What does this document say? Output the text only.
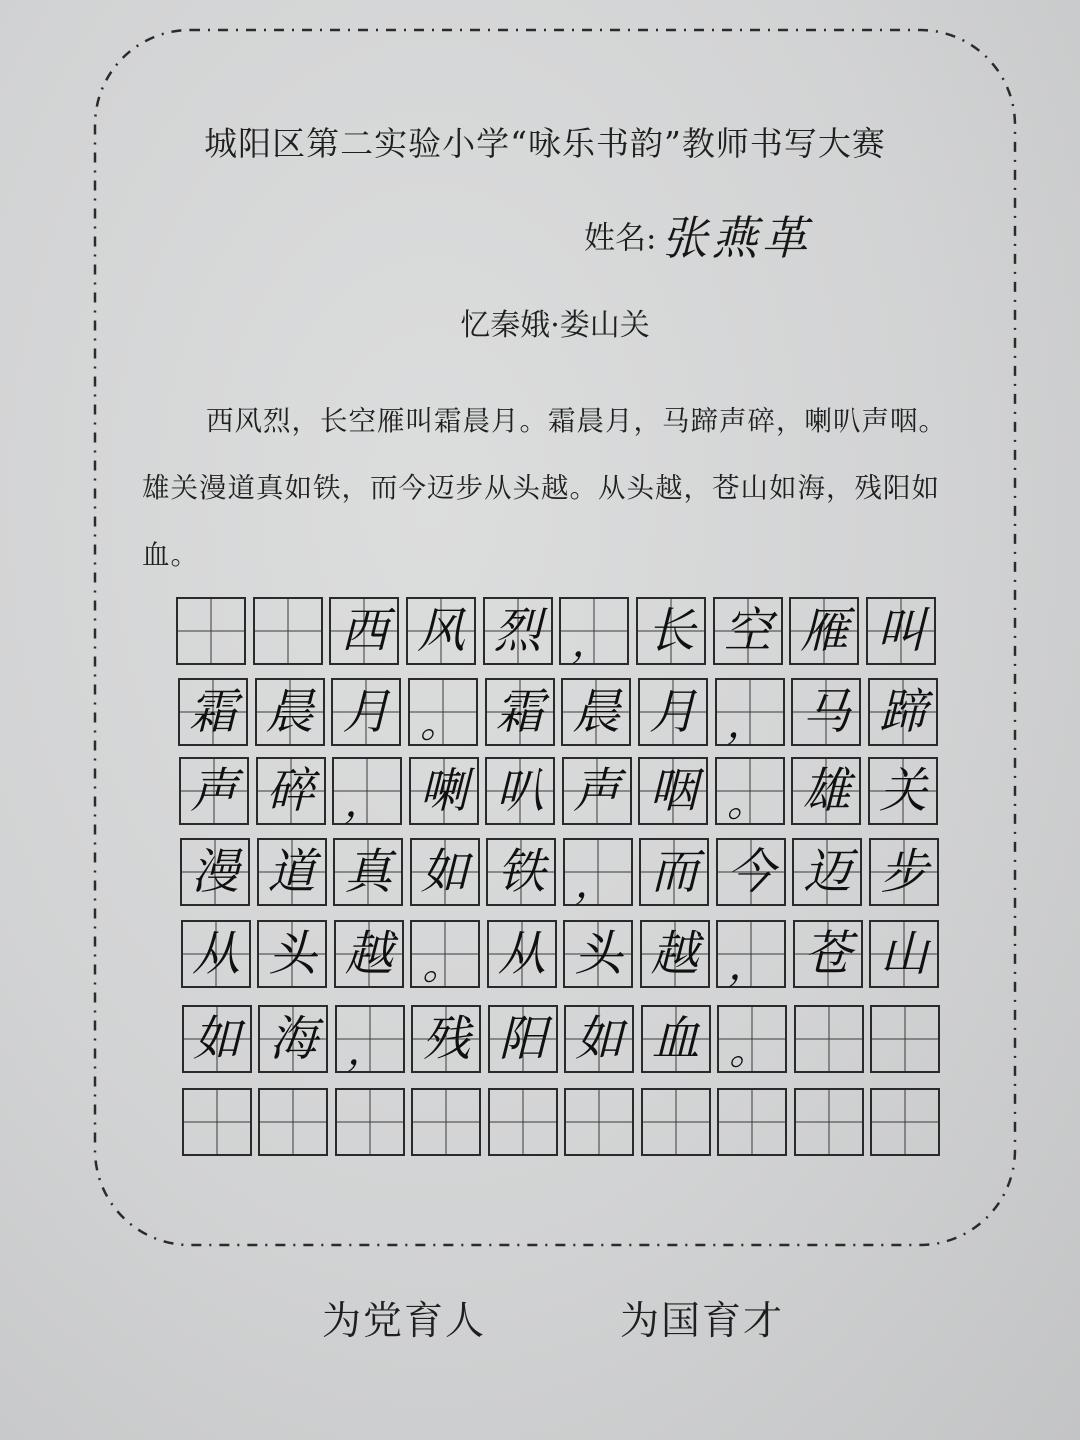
城阳区第二实验小学“咏乐书韵”教师书写大赛
姓名: 张燕革
忆秦娥·娄山关
西风烈，长空雁叫霜晨月。霜晨月，马蹄声碎，喇叭声咽。雄关漫道真如铁，而今迈步从头越。从头越，苍山如海，残阳如血。
西 风 烈 ， 长 空 雁 叫
霜 晨 月 。 霜 晨 月 ， 马 蹄
声 碎 ， 喇 叭 声 咽 。 雄 关
漫 道 真 如 铁 ， 而 今 迈 步
从 头 越 。 从 头 越 ， 苍 山
如 海 ， 残 阳 如 血 。
为党育人	为国育才
